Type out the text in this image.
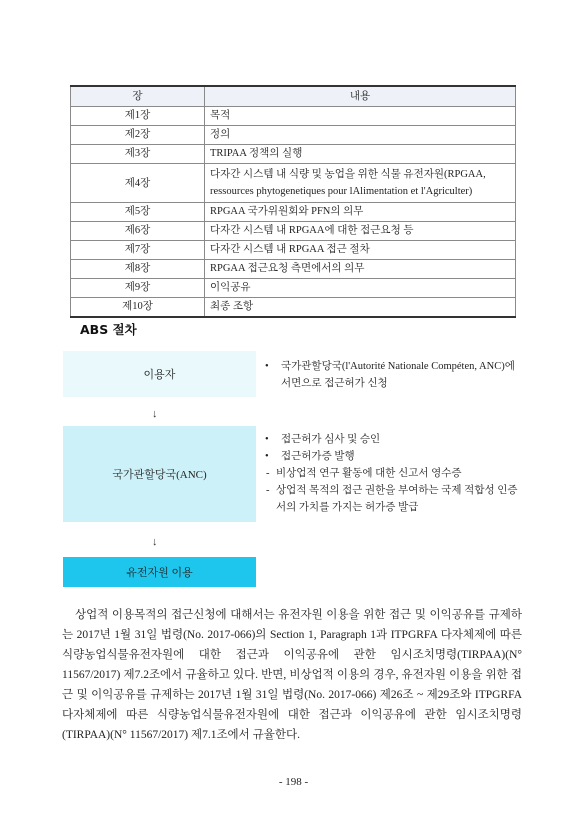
장	내용
제1장	목적
제2장	정의
제3장	TRIPAA 정책의 실행
제4장	다자간 시스템 내 식량 및 농업을 위한 식물 유전자원(RPGAA, ressources phytogenetiques pour lAlimentation et l'Agriculter)
제5장	RPGAA 국가위원회와 PFN의 의무
제6장	다자간 시스템 내 RPGAA에 대한 접근요청 등
제7장	다자간 시스템 내 RPGAA 접근 절차
제8장	RPGAA 접근요청 측면에서의 의무
제9장	이익공유
제10장	최종 조항
ABS 절차
이용자
↓
국가관할당국(ANC)
↓
유전자원 이용
•	국가관할당국(l'Autorité Nationale Compéten, ANC)에 서면으로 접근허가 신청
•	접근허가 심사 및 승인
•	접근허가증 발행
- 비상업적 연구 활동에 대한 신고서 영수증
- 상업적 목적의 접근 권한을 부여하는 국제 적합성 인증서의 가치를 가지는 허가증 발급

상업적 이용목적의 접근신청에 대해서는 유전자원 이용을 위한 접근 및 이익공유를 규제하는 2017년 1월 31일 법령(No. 2017-066)의 Section 1, Paragraph 1과 ITPGRFA 다자체제에 따른 식량농업식물유전자원에 대한 접근과 이익공유에 관한 임시조치명령(TIRPAA)(N° 11567/2017) 제7.2조에서 규율하고 있다. 반면, 비상업적 이용의 경우, 유전자원 이용을 위한 접근 및 이익공유를 규제하는 2017년 1월 31일 법령(No. 2017-066) 제26조 ~ 제29조와 ITPGRFA 다자체제에 따른 식량농업식물유전자원에 대한 접근과 이익공유에 관한 임시조치명령(TIRPAA)(N° 11567/2017) 제7.1조에서 규율한다.

- 198 -
